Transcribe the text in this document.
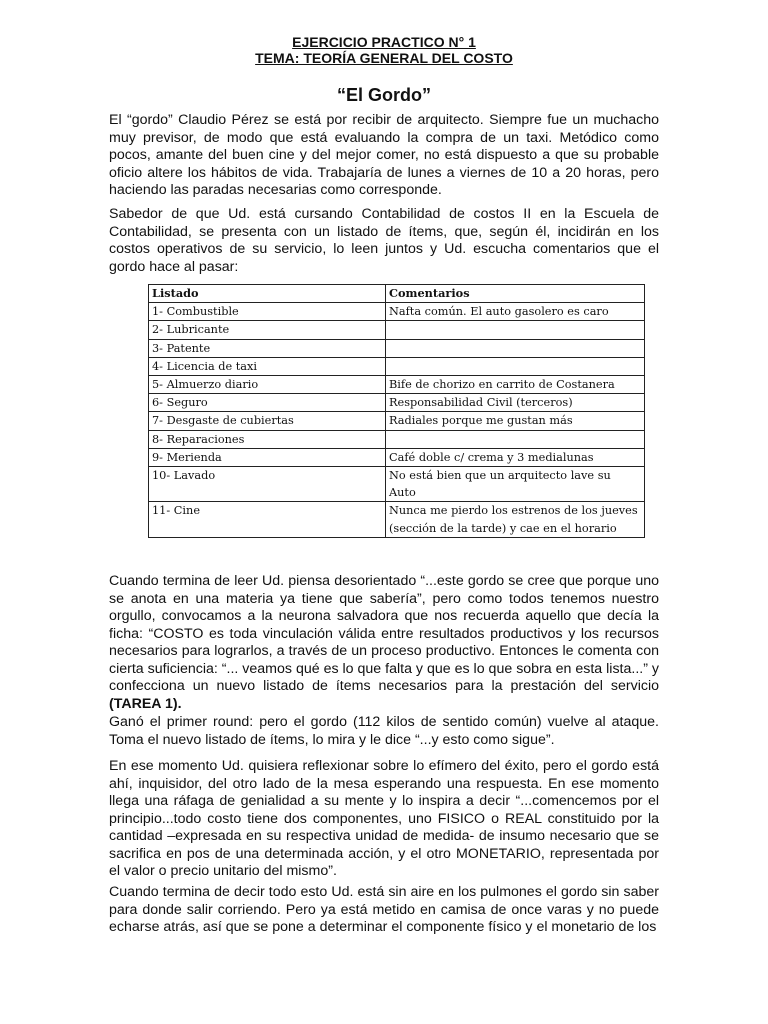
EJERCICIO PRACTICO N° 1
TEMA: TEORÍA GENERAL DEL COSTO
“El Gordo”

El “gordo” Claudio Pérez se está por recibir de arquitecto. Siempre fue un muchacho muy previsor, de modo que está evaluando la compra de un taxi. Metódico como pocos, amante del buen cine y del mejor comer, no está dispuesto a que su probable oficio altere los hábitos de vida. Trabajaría de lunes a viernes de 10 a 20 horas, pero haciendo las paradas necesarias como corresponde.

Sabedor de que Ud. está cursando Contabilidad de costos II en la Escuela de Contabilidad, se presenta con un listado de ítems, que, según él, incidirán en los costos operativos de su servicio, lo leen juntos y Ud. escucha comentarios que el gordo hace al pasar:

Listado	Comentarios
1- Combustible	Nafta común. El auto gasolero es caro
2- Lubricante	
3- Patente	
4- Licencia de taxi	
5- Almuerzo diario	Bife de chorizo en carrito de Costanera
6- Seguro	Responsabilidad Civil (terceros)
7- Desgaste de cubiertas	Radiales porque me gustan más
8- Reparaciones	
9- Merienda	Café doble c/ crema y 3 medialunas
10- Lavado	No está bien que un arquitecto lave su Auto
11- Cine	Nunca me pierdo los estrenos de los jueves (sección de la tarde) y cae en el horario

Cuando termina de leer Ud. piensa desorientado “...este gordo se cree que porque uno se anota en una materia ya tiene que sabería”, pero como todos tenemos nuestro orgullo, convocamos a la neurona salvadora que nos recuerda aquello que decía la ficha: “COSTO es toda vinculación válida entre resultados productivos y los recursos necesarios para lograrlos, a través de un proceso productivo. Entonces le comenta con cierta suficiencia: “... veamos qué es lo que falta y que es lo que sobra en esta lista...” y confecciona un nuevo listado de ítems necesarios para la prestación del servicio (TAREA 1).

Ganó el primer round: pero el gordo (112 kilos de sentido común) vuelve al ataque. Toma el nuevo listado de ítems, lo mira y le dice “...y esto como sigue”.

En ese momento Ud. quisiera reflexionar sobre lo efímero del éxito, pero el gordo está ahí, inquisidor, del otro lado de la mesa esperando una respuesta. En ese momento llega una ráfaga de genialidad a su mente y lo inspira a decir “...comencemos por el principio...todo costo tiene dos componentes, uno FISICO o REAL constituido por la cantidad –expresada en su respectiva unidad de medida- de insumo necesario que se sacrifica en pos de una determinada acción, y el otro MONETARIO, representada por el valor o precio unitario del mismo”.

Cuando termina de decir todo esto Ud. está sin aire en los pulmones el gordo sin saber para donde salir corriendo. Pero ya está metido en camisa de once varas y no puede echarse atrás, así que se pone a determinar el componente físico y el monetario de los
